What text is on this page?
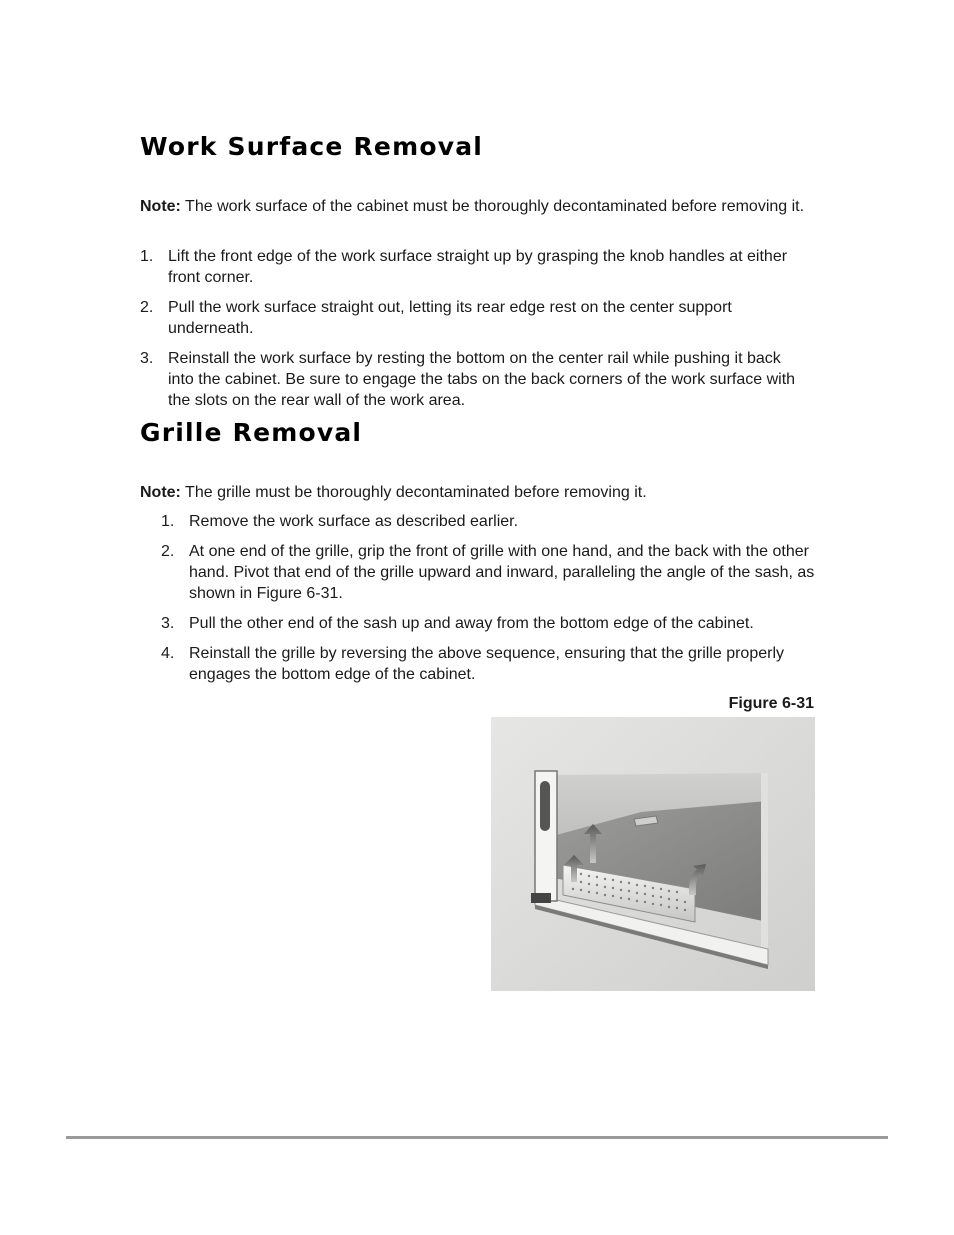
Work Surface Removal

Note: The work surface of the cabinet must be thoroughly decontaminated before removing it.

1. Lift the front edge of the work surface straight up by grasping the knob handles at either front corner.
2. Pull the work surface straight out, letting its rear edge rest on the center support underneath.
3. Reinstall the work surface by resting the bottom on the center rail while pushing it back into the cabinet. Be sure to engage the tabs on the back corners of the work surface with the slots on the rear wall of the work area.
Grille Removal

Note: The grille must be thoroughly decontaminated before removing it.

1. Remove the work surface as described earlier.
2. At one end of the grille, grip the front of grille with one hand, and the back with the other hand. Pivot that end of the grille upward and inward, paralleling the angle of the sash, as shown in Figure 6-31.
3. Pull the other end of the sash up and away from the bottom edge of the cabinet.
4. Reinstall the grille by reversing the above sequence, ensuring that the grille properly engages the bottom edge of the cabinet.
Figure 6-31
